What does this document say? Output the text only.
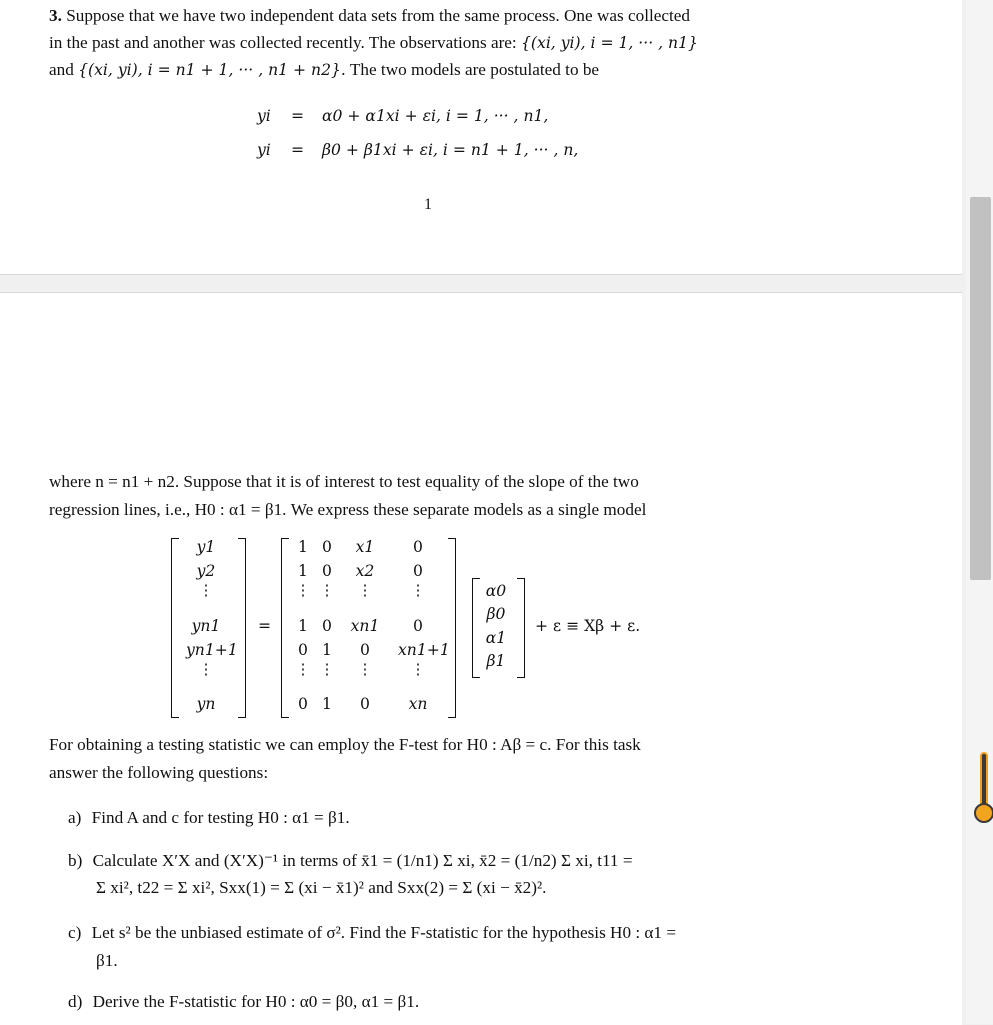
3. Suppose that we have two independent data sets from the same process. One was collected
in the past and another was collected recently. The observations are: {(xi, yi), i = 1, ··· , n1}
and {(xi, yi), i = n1 + 1, ··· , n1 + n2}. The two models are postulated to be
yi = α0 + α1xi + εi, i = 1, ··· , n1,
yi = β0 + β1xi + εi, i = n1 + 1, ··· , n,
1
where n = n1 + n2. Suppose that it is of interest to test equality of the slope of the two
regression lines, i.e., H0 : α1 = β1. We express these separate models as a single model
=	+ ε ≡ Xβ + ε.
For obtaining a testing statistic we can employ the F-test for H0 : Aβ = c. For this task
answer the following questions:
a) Find A and c for testing H0 : α1 = β1.
b) Calculate X′X and (X′X)⁻¹ in terms of x̄1 = (1/n1) Σ xi, x̄2 = (1/n2) Σ xi, t11 =
Σ xi², t22 = Σ xi², Sxx(1) = Σ (xi − x̄1)² and Sxx(2) = Σ (xi − x̄2)².
c) Let s² be the unbiased estimate of σ². Find the F-statistic for the hypothesis H0 : α1 =
β1.
d) Derive the F-statistic for H0 : α0 = β0, α1 = β1.
y1
y2
⋮
yn1
yn1+1
⋮
yn
1 0	x1	0
1 0	x2	0
⋮ ⋮	⋮	⋮
1 0	xn1	0
0 1	0	xn1+1
⋮ ⋮	⋮	⋮
0 1	0	xn
α0
β0
α1
β1
